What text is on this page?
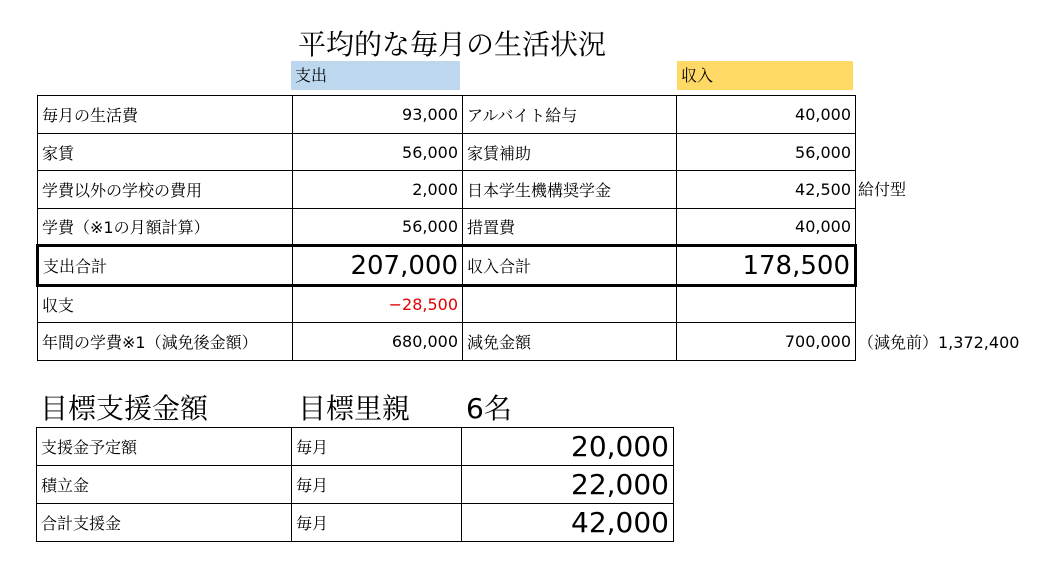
平均的な毎月の生活状況
支出	収入
毎月の生活費	93,000	アルバイト給与	40,000
家賃	56,000	家賃補助	56,000
学費以外の学校の費用	2,000	日本学生機構奨学金	42,500
学費（※1の月額計算）	56,000	措置費	40,000
支出合計	207,000	収入合計	178,500
収支	−28,500		
年間の学費※1（減免後金額）	680,000	減免金額	700,000
給付型
（減免前）1,372,400
目標支援金額	目標里親 6名
支援金予定額	毎月	20,000
積立金	毎月	22,000
合計支援金	毎月	42,000
